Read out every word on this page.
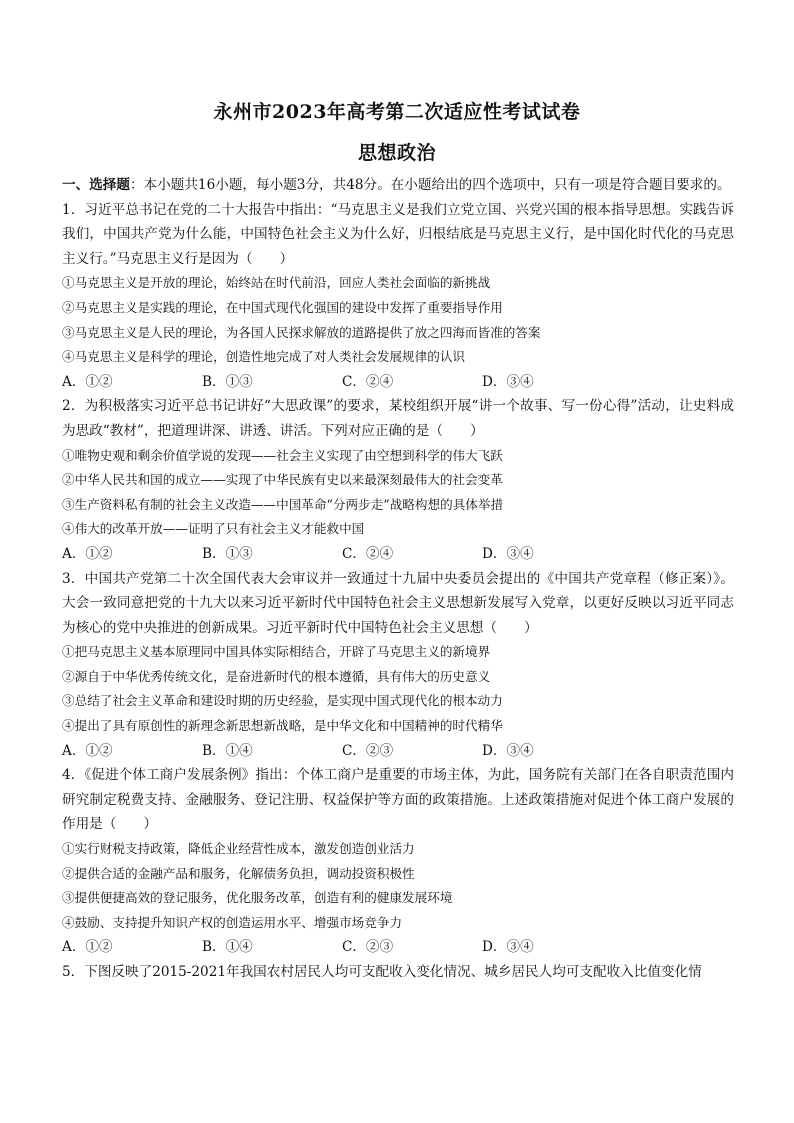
永州市2023年高考第二次适应性考试试卷
思想政治

一、选择题：本小题共16小题，每小题3分，共48分。在小题给出的四个选项中，只有一项是符合题目要求的。

1．习近平总书记在党的二十大报告中指出：“马克思主义是我们立党立国、兴党兴国的根本指导思想。实践告诉我们，中国共产党为什么能，中国特色社会主义为什么好，归根结底是马克思主义行，是中国化时代化的马克思主义行。”马克思主义行是因为（　　）

①马克思主义是开放的理论，始终站在时代前沿，回应人类社会面临的新挑战

②马克思主义是实践的理论，在中国式现代化强国的建设中发挥了重要指导作用

③马克思主义是人民的理论，为各国人民探求解放的道路提供了放之四海而皆准的答案

④马克思主义是科学的理论，创造性地完成了对人类社会发展规律的认识

A．①②	B．①③	C．②④	D．③④

2．为积极落实习近平总书记讲好“大思政课”的要求，某校组织开展“讲一个故事、写一份心得”活动，让史料成为思政“教材”，把道理讲深、讲透、讲活。下列对应正确的是（　　）

①唯物史观和剩余价值学说的发现——社会主义实现了由空想到科学的伟大飞跃

②中华人民共和国的成立——实现了中华民族有史以来最深刻最伟大的社会变革

③生产资料私有制的社会主义改造——中国革命“分两步走”战略构想的具体举措

④伟大的改革开放——证明了只有社会主义才能救中国

A．①②	B．①③	C．②④	D．③④

3．中国共产党第二十次全国代表大会审议并一致通过十九届中央委员会提出的《中国共产党章程（修正案）》。大会一致同意把党的十九大以来习近平新时代中国特色社会主义思想新发展写入党章，以更好反映以习近平同志为核心的党中央推进的创新成果。习近平新时代中国特色社会主义思想（　　）

①把马克思主义基本原理同中国具体实际相结合，开辟了马克思主义的新境界

②源自于中华优秀传统文化，是奋进新时代的根本遵循，具有伟大的历史意义

③总结了社会主义革命和建设时期的历史经验，是实现中国式现代化的根本动力

④提出了具有原创性的新理念新思想新战略，是中华文化和中国精神的时代精华

A．①②	B．①④	C．②③	D．③④

4．《促进个体工商户发展条例》指出：个体工商户是重要的市场主体，为此，国务院有关部门在各自职责范围内研究制定税费支持、金融服务、登记注册、权益保护等方面的政策措施。上述政策措施对促进个体工商户发展的作用是（　　）

①实行财税支持政策，降低企业经营性成本，激发创造创业活力

②提供合适的金融产品和服务，化解债务负担，调动投资积极性

③提供便捷高效的登记服务，优化服务改革，创造有利的健康发展环境

④鼓励、支持提升知识产权的创造运用水平、增强市场竞争力

A．①②	B．①④	C．②③	D．③④

5．下图反映了2015-2021年我国农村居民人均可支配收入变化情况、城乡居民人均可支配收入比值变化情
